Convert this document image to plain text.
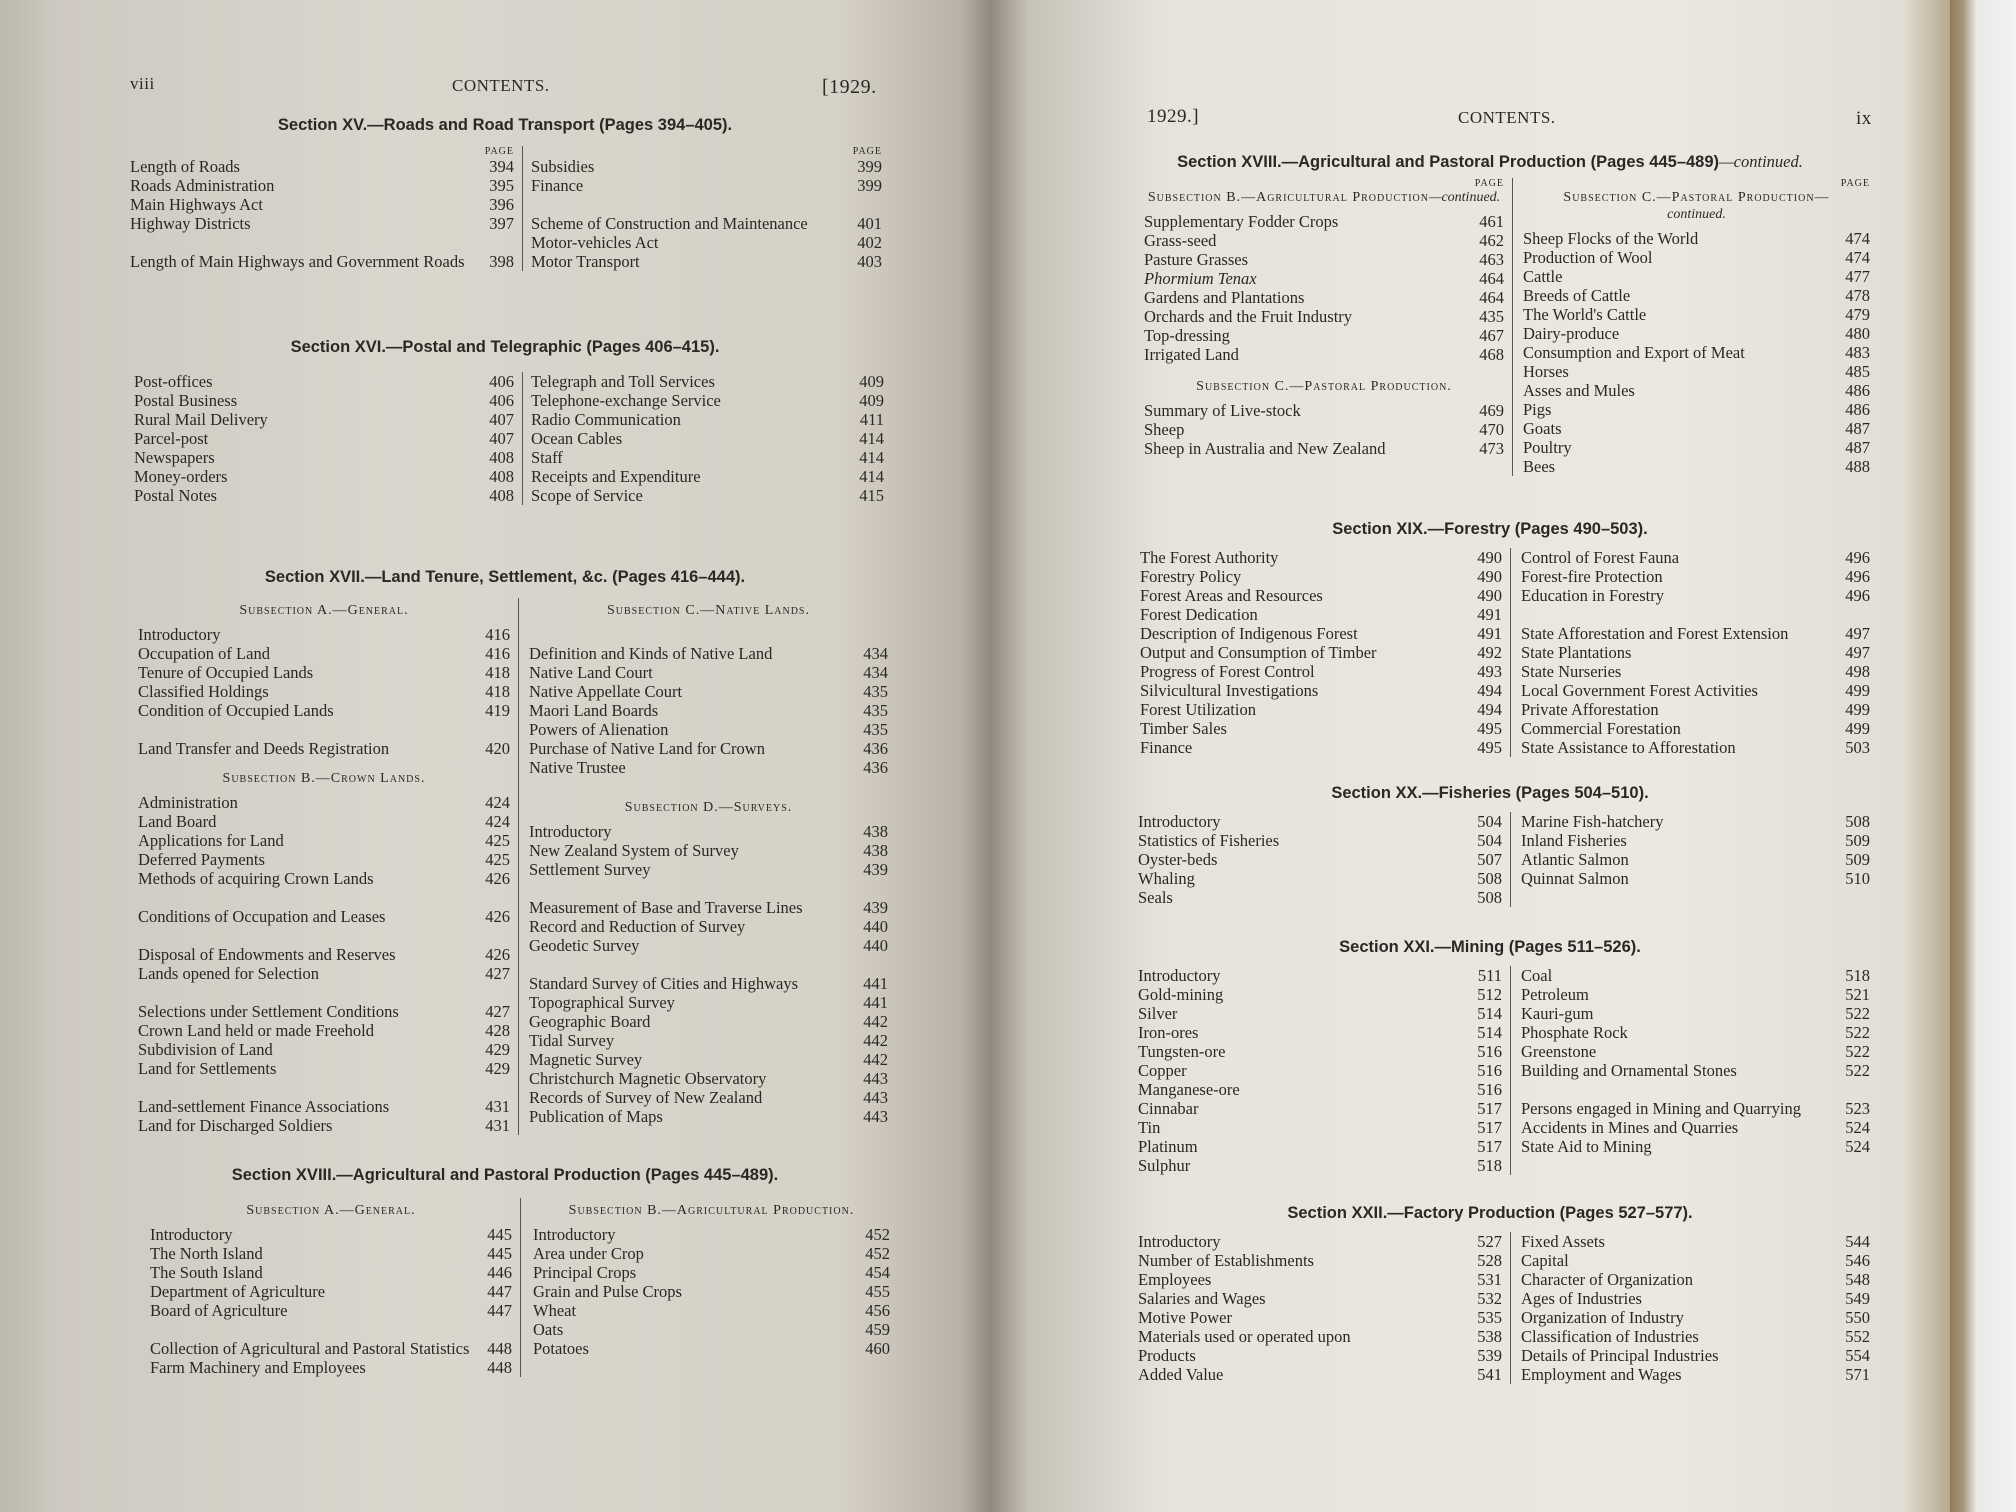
viii	CONTENTS.	[1929.
Section XV.—Roads and Road Transport (Pages 394–405).
PAGE
Length of Roads	394
Roads Administration	395
Main Highways Act	396
Highway Districts	397
Length of Main Highways and Government Roads	398
PAGE
Subsidies	399
Finance	399
Scheme of Construction and Maintenance	401
Motor-vehicles Act	402
Motor Transport	403
Section XVI.—Postal and Telegraphic (Pages 406–415).
Post-offices	406
Postal Business	406
Rural Mail Delivery	407
Parcel-post	407
Newspapers	408
Money-orders	408
Postal Notes	408
Telegraph and Toll Services	409
Telephone-exchange Service	409
Radio Communication	411
Ocean Cables	414
Staff	414
Receipts and Expenditure	414
Scope of Service	415
Section XVII.—Land Tenure, Settlement, &c. (Pages 416–444).
Subsection A.—General.
Introductory	416
Occupation of Land	416
Tenure of Occupied Lands	418
Classified Holdings	418
Condition of Occupied Lands	419
Land Transfer and Deeds Registration	420
Subsection B.—Crown Lands.
Administration	424
Land Board	424
Applications for Land	425
Deferred Payments	425
Methods of acquiring Crown Lands	426
Conditions of Occupation and Leases	426
Disposal of Endowments and Reserves	426
Lands opened for Selection	427
Selections under Settlement Conditions	427
Crown Land held or made Freehold	428
Subdivision of Land	429
Land for Settlements	429
Land-settlement Finance Associations	431
Land for Discharged Soldiers	431
Subsection C.—Native Lands.
Definition and Kinds of Native Land	434
Native Land Court	434
Native Appellate Court	435
Maori Land Boards	435
Powers of Alienation	435
Purchase of Native Land for Crown	436
Native Trustee	436
Subsection D.—Surveys.
Introductory	438
New Zealand System of Survey	438
Settlement Survey	439
Measurement of Base and Traverse Lines	439
Record and Reduction of Survey	440
Geodetic Survey	440
Standard Survey of Cities and Highways	441
Topographical Survey	441
Geographic Board	442
Tidal Survey	442
Magnetic Survey	442
Christchurch Magnetic Observatory	443
Records of Survey of New Zealand	443
Publication of Maps	443
Section XVIII.—Agricultural and Pastoral Production (Pages 445–489).
Subsection A.—General.
Introductory	445
The North Island	445
The South Island	446
Department of Agriculture	447
Board of Agriculture	447
Collection of Agricultural and Pastoral Statistics	448
Farm Machinery and Employees	448
Subsection B.—Agricultural Production.
Introductory	452
Area under Crop	452
Principal Crops	454
Grain and Pulse Crops	455
Wheat	456
Oats	459
Potatoes	460
1929.]	CONTENTS.	ix
Section XVIII.—Agricultural and Pastoral Production (Pages 445–489)—continued.
PAGE
Subsection B.—Agricultural Production—continued.
Supplementary Fodder Crops	461
Grass-seed	462
Pasture Grasses	463
Phormium Tenax	464
Gardens and Plantations	464
Orchards and the Fruit Industry	435
Top-dressing	467
Irrigated Land	468
Subsection C.—Pastoral Production.
Summary of Live-stock	469
Sheep	470
Sheep in Australia and New Zealand	473
PAGE
Subsection C.—Pastoral Production—
continued.
Sheep Flocks of the World	474
Production of Wool	474
Cattle	477
Breeds of Cattle	478
The World's Cattle	479
Dairy-produce	480
Consumption and Export of Meat	483
Horses	485
Asses and Mules	486
Pigs	486
Goats	487
Poultry	487
Bees	488
Section XIX.—Forestry (Pages 490–503).
The Forest Authority	490
Forestry Policy	490
Forest Areas and Resources	490
Forest Dedication	491
Description of Indigenous Forest	491
Output and Consumption of Timber	492
Progress of Forest Control	493
Silvicultural Investigations	494
Forest Utilization	494
Timber Sales	495
Finance	495
Control of Forest Fauna	496
Forest-fire Protection	496
Education in Forestry	496
State Afforestation and Forest Extension	497
State Plantations	497
State Nurseries	498
Local Government Forest Activities	499
Private Afforestation	499
Commercial Forestation	499
State Assistance to Afforestation	503
Section XX.—Fisheries (Pages 504–510).
Introductory	504
Statistics of Fisheries	504
Oyster-beds	507
Whaling	508
Seals	508
Marine Fish-hatchery	508
Inland Fisheries	509
Atlantic Salmon	509
Quinnat Salmon	510
Section XXI.—Mining (Pages 511–526).
Introductory	511
Gold-mining	512
Silver	514
Iron-ores	514
Tungsten-ore	516
Copper	516
Manganese-ore	516
Cinnabar	517
Tin	517
Platinum	517
Sulphur	518
Coal	518
Petroleum	521
Kauri-gum	522
Phosphate Rock	522
Greenstone	522
Building and Ornamental Stones	522
Persons engaged in Mining and Quarrying	523
Accidents in Mines and Quarries	524
State Aid to Mining	524
Section XXII.—Factory Production (Pages 527–577).
Introductory	527
Number of Establishments	528
Employees	531
Salaries and Wages	532
Motive Power	535
Materials used or operated upon	538
Products	539
Added Value	541
Fixed Assets	544
Capital	546
Character of Organization	548
Ages of Industries	549
Organization of Industry	550
Classification of Industries	552
Details of Principal Industries	554
Employment and Wages	571
